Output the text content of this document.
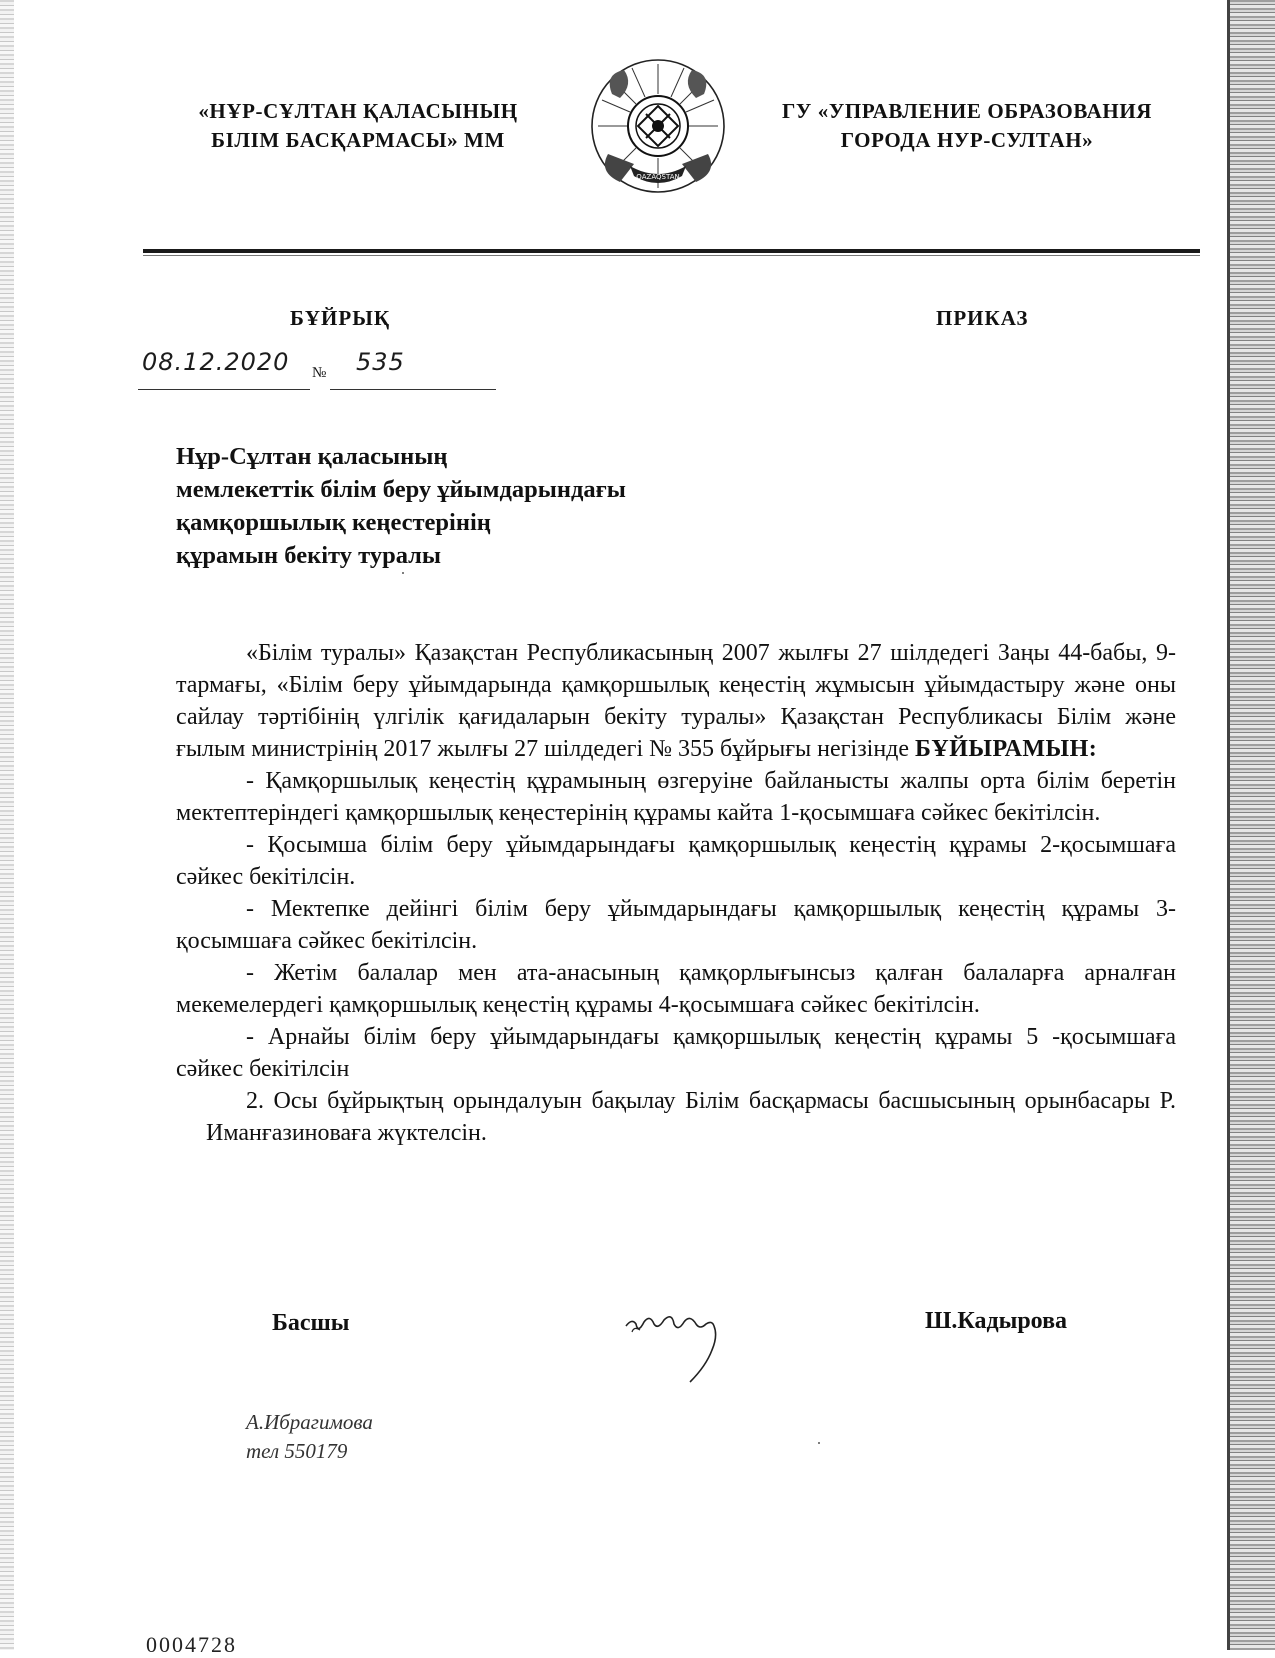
«НҰР-СҰЛТАН ҚАЛАСЫНЫҢ
БІЛІМ БАСҚАРМАСЫ» ММ
QAZAQSTAN
ГУ «УПРАВЛЕНИЕ ОБРАЗОВАНИЯ
ГОРОДА НУР-СУЛТАН»
БҰЙРЫҚ	ПРИКАЗ
08.12.2020 № 535
Нұр-Сұлтан қаласының
мемлекеттік білім беру ұйымдарындағы
қамқоршылық кеңестерінің
құрамын бекіту туралы

«Білім туралы» Қазақстан Республикасының 2007 жылғы 27 шілдедегі Заңы 44-бабы, 9-тармағы, «Білім беру ұйымдарында қамқоршылық кеңестің жұмысын ұйымдастыру және оны сайлау тәртібінің үлгілік қағидаларын бекіту туралы» Қазақстан Республикасы Білім және ғылым министрінің 2017 жылғы 27 шілдедегі № 355 бұйрығы негізінде БҰЙЫРАМЫН:

- Қамқоршылық кеңестің құрамының өзгеруіне байланысты жалпы орта білім беретін мектептеріндегі қамқоршылық кеңестерінің құрамы кайта 1-қосымшаға сәйкес бекітілсін.

- Қосымша білім беру ұйымдарындағы қамқоршылық кеңестің құрамы 2-қосымшаға сәйкес бекітілсін.

- Мектепке дейінгі білім беру ұйымдарындағы қамқоршылық кеңестің құрамы 3-қосымшаға сәйкес бекітілсін.

- Жетім балалар мен ата-анасының қамқорлығынсыз қалған балаларға арналған мекемелердегі қамқоршылық кеңестің құрамы 4-қосымшаға сәйкес бекітілсін.

- Арнайы білім беру ұйымдарындағы қамқоршылық кеңестің құрамы 5 -қосымшаға сәйкес бекітілсін

2. Осы бұйрықтың орындалуын бақылау Білім басқармасы басшысының орынбасары Р. Иманғазиноваға жүктелсін.

Басшы	Ш.Кадырова
А.Ибрагимова
тел 550179
0004728
